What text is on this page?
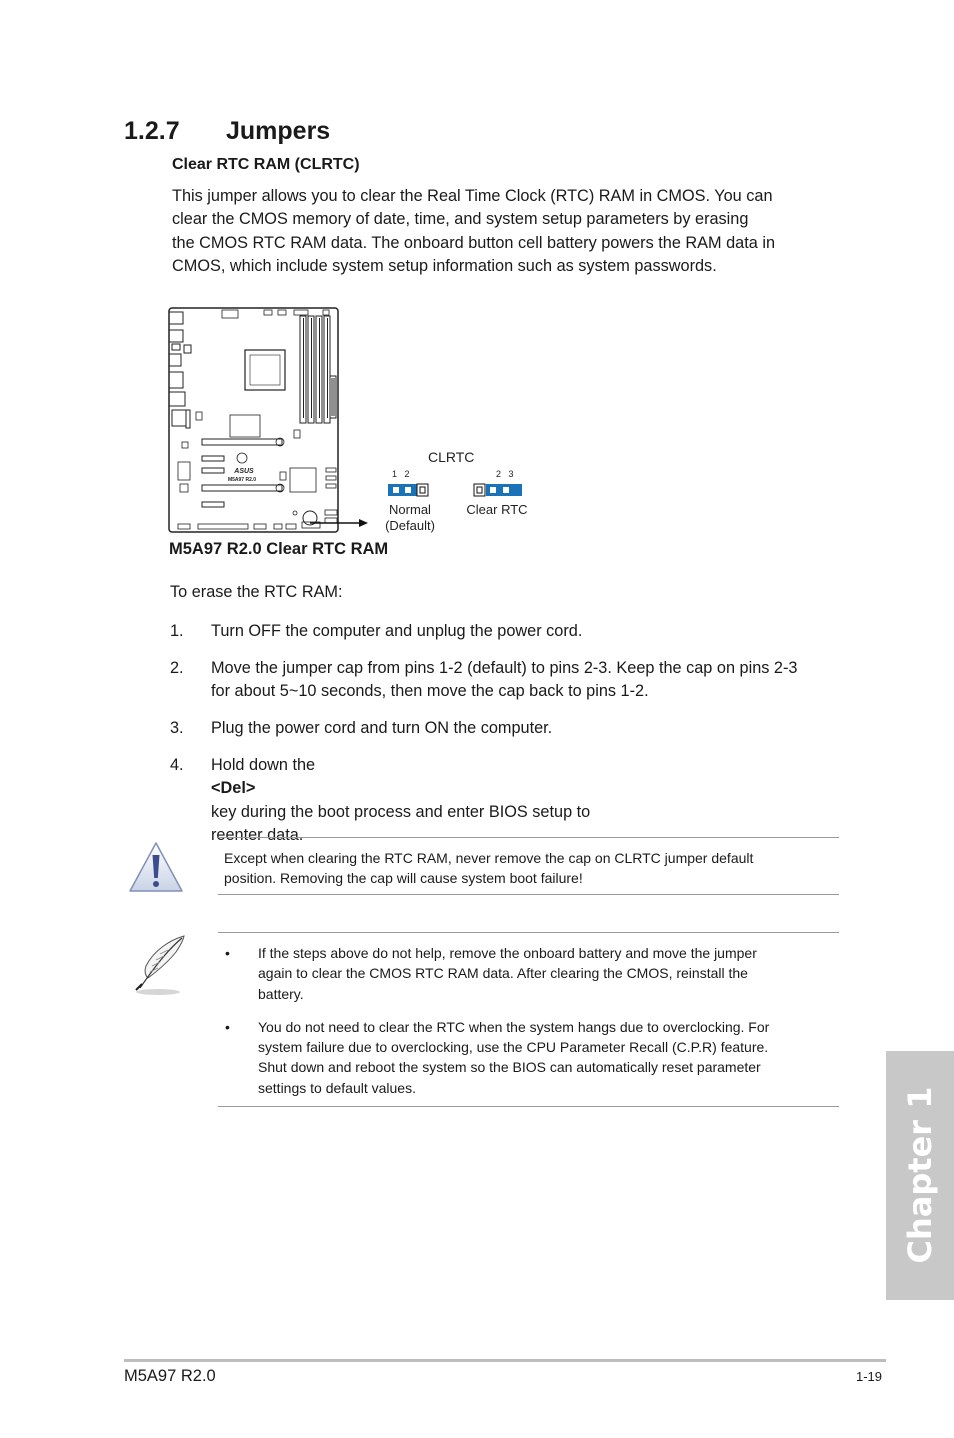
1.2.7 Jumpers
Clear RTC RAM (CLRTC)

This jumper allows you to clear the Real Time Clock (RTC) RAM in CMOS. You can
clear the CMOS memory of date, time, and system setup parameters by erasing
the CMOS RTC RAM data. The onboard button cell battery powers the RAM data in
CMOS, which include system setup information such as system passwords.

ASUS
M5A97 R2.0
CLRTC
1   2	2   3
Normal
(Default)
Clear RTC
M5A97 R2.0 Clear RTC RAM
To erase the RTC RAM:
1. Turn OFF the computer and unplug the power cord.
2. Move the jumper cap from pins 1-2 (default) to pins 2-3. Keep the cap on pins 2-3
for about 5~10 seconds, then move the cap back to pins 1-2.
3. Plug the power cord and turn ON the computer.
4. Hold down the
<Del>
key during the boot process and enter BIOS setup to
reenter data.
Except when clearing the RTC RAM, never remove the cap on CLRTC jumper default
position. Removing the cap will cause system boot failure!
• If the steps above do not help, remove the onboard battery and move the jumper
again to clear the CMOS RTC RAM data. After clearing the CMOS, reinstall the
battery.
• You do not need to clear the RTC when the system hangs due to overclocking. For
system failure due to overclocking, use the CPU Parameter Recall (C.P.R) feature.
Shut down and reboot the system so the BIOS can automatically reset parameter
settings to default values.	Chapter 1
M5A97 R2.0	1-19
